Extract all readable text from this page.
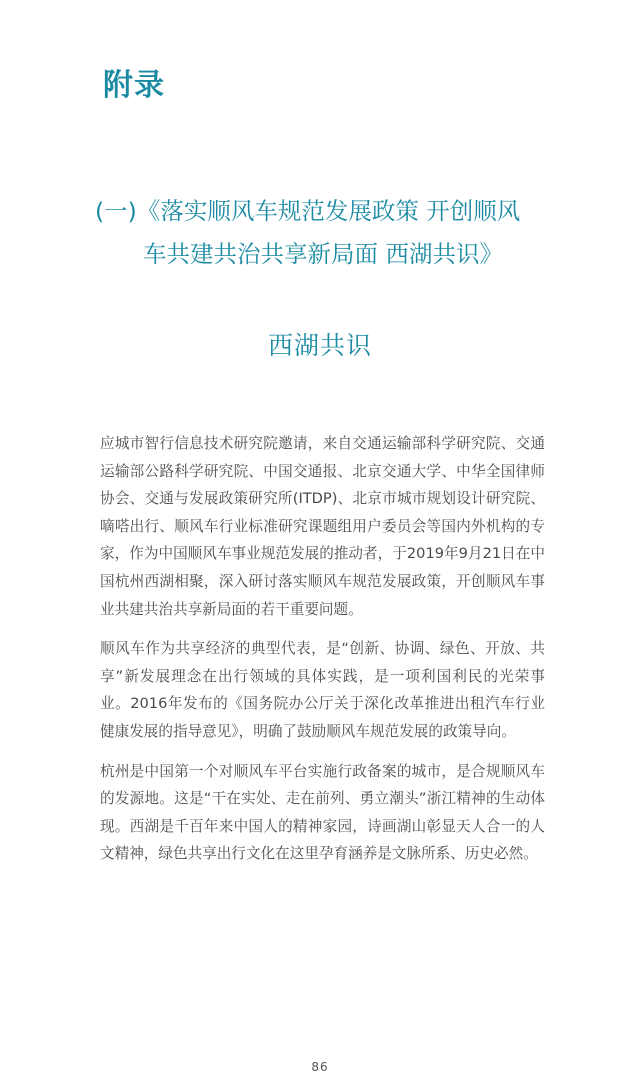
附录
(一)《落实顺风车规范发展政策 开创顺风
车共建共治共享新局面 西湖共识》
西湖共识

应城市智行信息技术研究院邀请，来自交通运输部科学研究院、交通运输部公路科学研究院、中国交通报、北京交通大学、中华全国律师协会、交通与发展政策研究所(ITDP)、北京市城市规划设计研究院、嘀嗒出行、顺风车行业标准研究课题组用户委员会等国内外机构的专家，作为中国顺风车事业规范发展的推动者，于2019年9月21日在中国杭州西湖相聚，深入研讨落实顺风车规范发展政策，开创顺风车事业共建共治共享新局面的若干重要问题。

顺风车作为共享经济的典型代表，是“创新、协调、绿色、开放、共享”新发展理念在出行领域的具体实践，是一项利国利民的光荣事业。2016年发布的《国务院办公厅关于深化改革推进出租汽车行业健康发展的指导意见》，明确了鼓励顺风车规范发展的政策导向。

杭州是中国第一个对顺风车平台实施行政备案的城市，是合规顺风车的发源地。这是“干在实处、走在前列、勇立潮头”浙江精神的生动体现。西湖是千百年来中国人的精神家园，诗画湖山彰显天人合一的人文精神，绿色共享出行文化在这里孕育涵养是文脉所系、历史必然。

86
